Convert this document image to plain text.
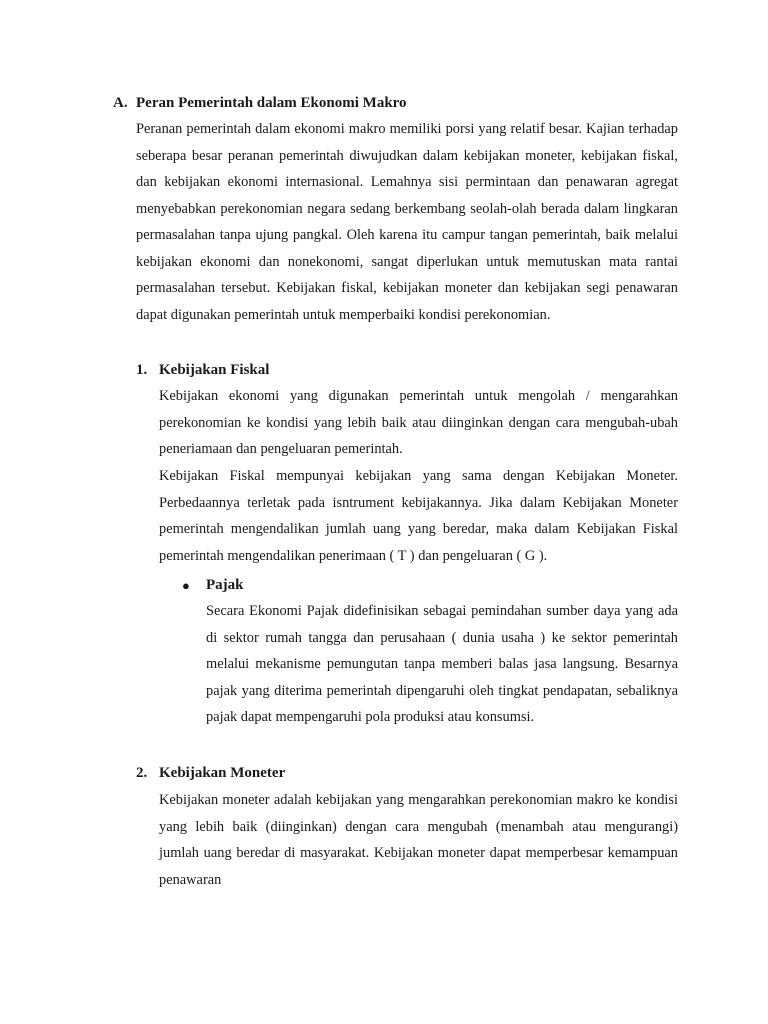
A. Peran Pemerintah dalam Ekonomi Makro

Peranan pemerintah dalam ekonomi makro memiliki porsi yang relatif besar. Kajian terhadap seberapa besar peranan pemerintah diwujudkan dalam kebijakan moneter, kebijakan fiskal, dan kebijakan ekonomi internasional. Lemahnya sisi permintaan dan penawaran agregat menyebabkan perekonomian negara sedang berkembang seolah-olah berada dalam lingkaran permasalahan tanpa ujung pangkal. Oleh karena itu campur tangan pemerintah, baik melalui kebijakan ekonomi dan nonekonomi, sangat diperlukan untuk memutuskan mata rantai permasalahan tersebut. Kebijakan fiskal, kebijakan moneter dan kebijakan segi penawaran dapat digunakan pemerintah untuk memperbaiki kondisi perekonomian.

1. Kebijakan Fiskal

Kebijakan ekonomi yang digunakan pemerintah untuk mengolah / mengarahkan perekonomian ke kondisi yang lebih baik atau diinginkan dengan cara mengubah-ubah peneriamaan dan pengeluaran pemerintah.

Kebijakan Fiskal mempunyai kebijakan yang sama dengan Kebijakan Moneter. Perbedaannya terletak pada isntrument kebijakannya. Jika dalam Kebijakan Moneter pemerintah mengendalikan jumlah uang yang beredar, maka dalam Kebijakan Fiskal pemerintah mengendalikan penerimaan ( T ) dan pengeluaran ( G ).

● Pajak

Secara Ekonomi Pajak didefinisikan sebagai pemindahan sumber daya yang ada di sektor rumah tangga dan perusahaan ( dunia usaha ) ke sektor pemerintah melalui mekanisme pemungutan tanpa memberi balas jasa langsung. Besarnya pajak yang diterima pemerintah dipengaruhi oleh tingkat pendapatan, sebaliknya pajak dapat mempengaruhi pola produksi atau konsumsi.

2. Kebijakan Moneter

Kebijakan moneter adalah kebijakan yang mengarahkan perekonomian makro ke kondisi yang lebih baik (diinginkan) dengan cara mengubah (menambah atau mengurangi) jumlah uang beredar di masyarakat. Kebijakan moneter dapat memperbesar kemampuan penawaran
